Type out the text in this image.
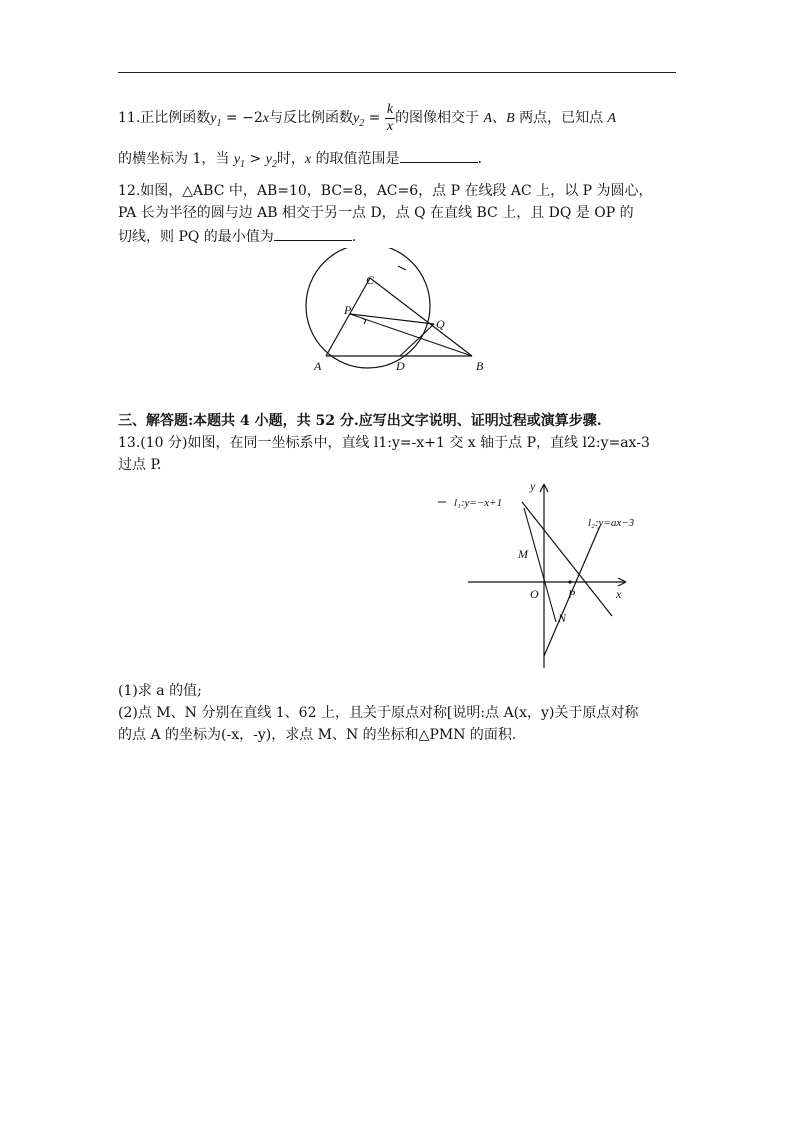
11.正比例函数$y_1 = -2x$与反比例函数$y_2 = \frac{k}{x}$ 的图像相交于 A、B 两点，已知点 A
的横坐标为 1，当 $y_1 > y_2$时，x 的取值范围是	.
12.如图，△ABC 中，AB=10，BC=8，AC=6，点 P 在线段 AC 上，以 P 为圆心，
PA 长为半径的圆与边 AB 相交于另一点 D，点 Q 在直线 BC 上，且 DQ 是 OP 的
切线，则 PQ 的最小值为	.
C
P
Q
A	D	B
三、解答题:本题共 4 小题，共 52 分.应写出文字说明、证明过程或演算步骤.
13.(10 分)如图，在同一坐标系中，直线 l1:y=-x+1 交 x 轴于点 P，直线 l2:y=ax-3
过点 P.
y
x
l₁:y=−x+1
l₂:y=ax−3
M
N
O P
(1)求 a 的值;
(2)点 M、N 分别在直线 1、62 上，且关于原点对称[说明:点 A(x，y)关于原点对称
的点 A 的坐标为(-x，-y)，求点 M、N 的坐标和△PMN 的面积.
